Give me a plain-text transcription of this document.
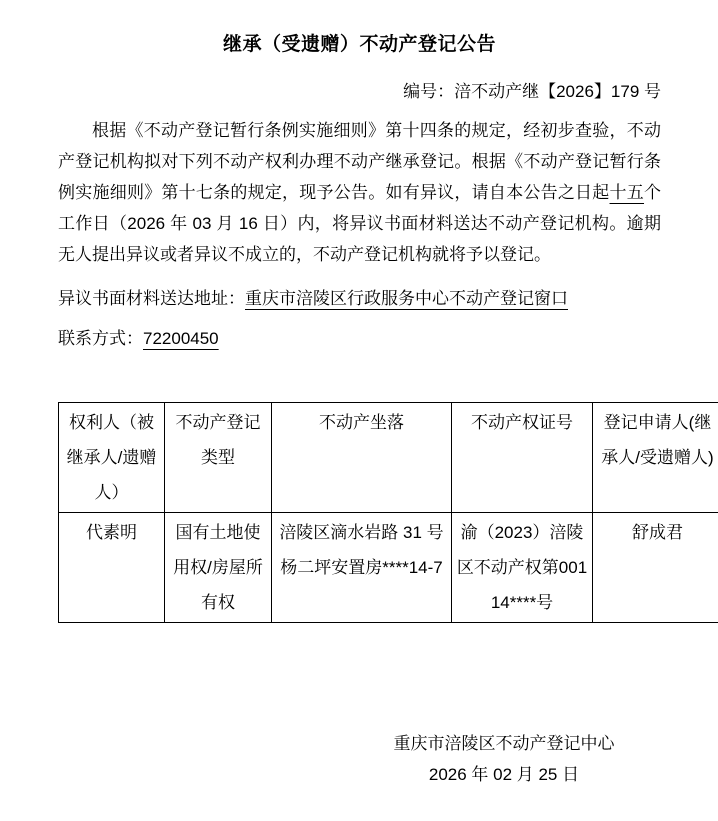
继承（受遗赠）不动产登记公告

编号：涪不动产继【2026】179 号

根据《不动产登记暂行条例实施细则》第十四条的规定，经初步查验，不动产登记机构拟对下列不动产权利办理不动产继承登记。根据《不动产登记暂行条例实施细则》第十七条的规定，现予公告。如有异议，请自本公告之日起十五个工作日（2026 年 03 月 16 日）内，将异议书面材料送达不动产登记机构。逾期无人提出异议或者异议不成立的，不动产登记机构就将予以登记。

异议书面材料送达地址：重庆市涪陵区行政服务中心不动产登记窗口

联系方式：72200450

权利人（被继承人/遗赠人）	不动产登记类型	不动产坐落	不动产权证号	登记申请人(继承人/受遗赠人)
代素明	国有土地使用权/房屋所有权	涪陵区滴水岩路 31 号杨二坪安置房****14-7	渝（2023）涪陵区不动产权第00114****号	舒成君

重庆市涪陵区不动产登记中心

2026 年 02 月 25 日
